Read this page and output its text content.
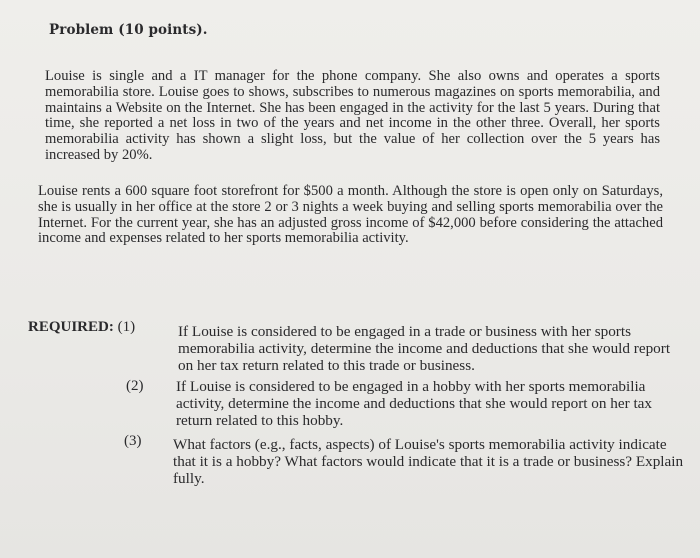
Problem (10 points).
Louise is single and a IT manager for the phone company. She also owns and operates a sports memorabilia store. Louise goes to shows, subscribes to numerous magazines on sports memorabilia, and maintains a Website on the Internet. She has been engaged in the activity for the last 5 years. During that time, she reported a net loss in two of the years and net income in the other three. Overall, her sports memorabilia activity has shown a slight loss, but the value of her collection over the 5 years has increased by 20%.
Louise rents a 600 square foot storefront for $500 a month. Although the store is open only on Saturdays, she is usually in her office at the store 2 or 3 nights a week buying and selling sports memorabilia over the Internet. For the current year, she has an adjusted gross income of $42,000 before considering the attached income and expenses related to her sports memorabilia activity.
REQUIRED: (1)	If Louise is considered to be engaged in a trade or business with her sports memorabilia activity, determine the income and deductions that she would report on her tax return related to this trade or business.
(2) If Louise is considered to be engaged in a hobby with her sports memorabilia activity, determine the income and deductions that she would report on her tax return related to this hobby.
(3) What factors (e.g., facts, aspects) of Louise's sports memorabilia activity indicate that it is a hobby? What factors would indicate that it is a trade or business? Explain fully.
